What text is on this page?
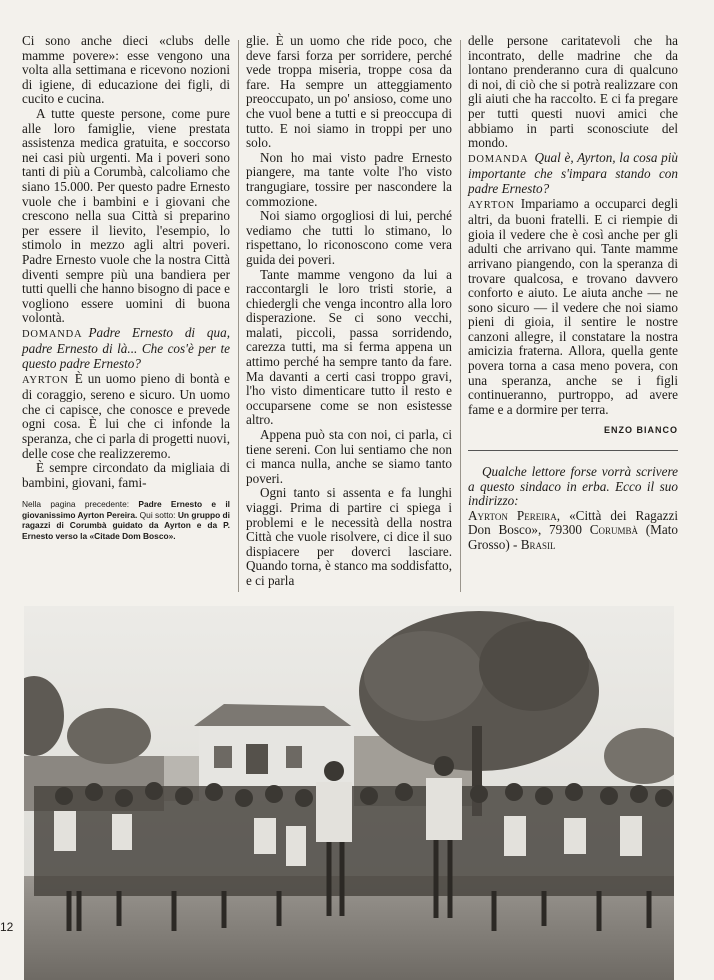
Ci sono anche dieci «clubs delle mamme povere»: esse vengono una volta alla settimana e ricevono nozioni di igiene, di educazione dei figli, di cucito e cucina.

A tutte queste persone, come pure alle loro famiglie, viene prestata assistenza medica gratuita, e soccorso nei casi più urgenti. Ma i poveri sono tanti di più a Corumbà, calcoliamo che siano 15.000. Per questo padre Ernesto vuole che i bambini e i giovani che crescono nella sua Città si preparino per essere il lievito, l'esempio, lo stimolo in mezzo agli altri poveri. Padre Ernesto vuole che la nostra Città diventi sempre più una bandiera per tutti quelli che hanno bisogno di pace e vogliono essere uomini di buona volontà.

DOMANDA Padre Ernesto di qua, padre Ernesto di là... Che cos'è per te questo padre Ernesto?

AYRTON È un uomo pieno di bontà e di coraggio, sereno e sicuro. Un uomo che ci capisce, che conosce e prevede ogni cosa. È lui che ci infonde la speranza, che ci parla di progetti nuovi, delle cose che realizzeremo.

È sempre circondato da migliaia di bambini, giovani, fami-

Nella pagina precedente: Padre Ernesto e il giovanissimo Ayrton Pereira. Qui sotto: Un gruppo di ragazzi di Corumbà guidato da Ayrton e da P. Ernesto verso la «Citade Dom Bosco».

glie. È un uomo che ride poco, che deve farsi forza per sorridere, perché vede troppa miseria, troppe cosa da fare. Ha sempre un atteggiamento preoccupato, un po' ansioso, come uno che vuol bene a tutti e si preoccupa di tutto. E noi siamo in troppi per uno solo.

Non ho mai visto padre Ernesto piangere, ma tante volte l'ho visto trangugiare, tossire per nascondere la commozione.

Noi siamo orgogliosi di lui, perché vediamo che tutti lo stimano, lo rispettano, lo riconoscono come vera guida dei poveri.

Tante mamme vengono da lui a raccontargli le loro tristi storie, a chiedergli che venga incontro alla loro disperazione. Se ci sono vecchi, malati, piccoli, passa sorridendo, carezza tutti, ma si ferma appena un attimo perché ha sempre tanto da fare. Ma davanti a certi casi troppo gravi, l'ho visto dimenticare tutto il resto e occuparsene come se non esistesse altro.

Appena può sta con noi, ci parla, ci tiene sereni. Con lui sentiamo che non ci manca nulla, anche se siamo tanto poveri.

Ogni tanto si assenta e fa lunghi viaggi. Prima di partire ci spiega i problemi e le necessità della nostra Città che vuole risolvere, ci dice il suo dispiacere per doverci lasciare. Quando torna, è stanco ma soddisfatto, e ci parla

delle persone caritatevoli che ha incontrato, delle madrine che da lontano prenderanno cura di qualcuno di noi, di ciò che si potrà realizzare con gli aiuti che ha raccolto. E ci fa pregare per tutti questi nuovi amici che abbiamo in parti sconosciute del mondo.

DOMANDA Qual è, Ayrton, la cosa più importante che s'impara stando con padre Ernesto?

AYRTON Impariamo a occuparci degli altri, da buoni fratelli. E ci riempie di gioia il vedere che è così anche per gli adulti che arrivano qui. Tante mamme arrivano piangendo, con la speranza di trovare qualcosa, e trovano davvero conforto e aiuto. Le aiuta anche — ne sono sicuro — il vedere che noi siamo pieni di gioia, il sentire le nostre canzoni allegre, il constatare la nostra amicizia fraterna. Allora, quella gente povera torna a casa meno povera, con una speranza, anche se i figli continueranno, purtroppo, ad avere fame e a dormire per terra.

ENZO BIANCO

Qualche lettore forse vorrà scrivere a questo sindaco in erba. Ecco il suo indirizzo:

Ayrton Pereira, «Città dei Ragazzi Don Bosco», 79300 Corumbà (Mato Grosso) - Brasil

12
